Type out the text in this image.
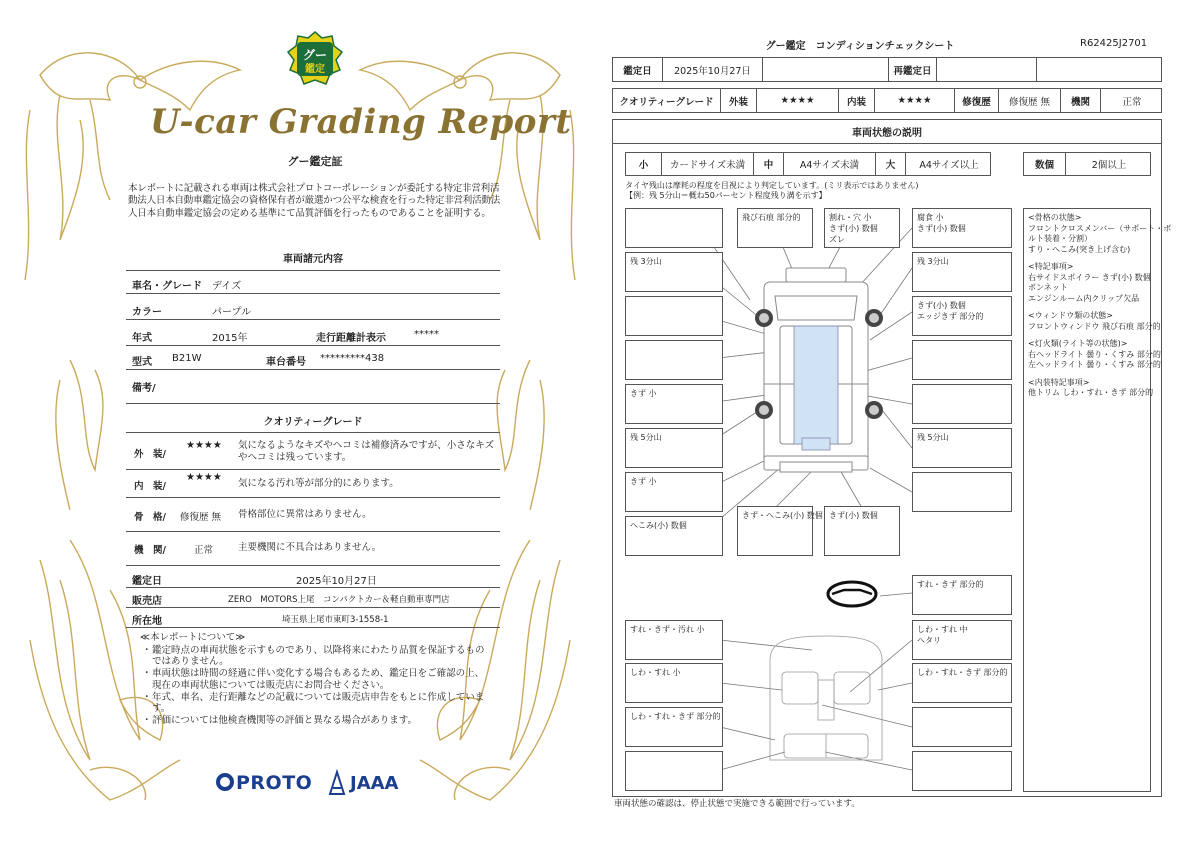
グー
鑑定
U-car Grading Report
グー鑑定証
本レポートに記載される車両は株式会社プロトコーポレーションが委託する特定非営利活動法人日本自動車鑑定協会の資格保有者が厳選かつ公平な検査を行った特定非営利活動法人日本自動車鑑定協会の定める基準にて品質評価を行ったものであることを証明する。
車両諸元内容
車名・グレード デイズ
カラー	パープル
年式	2015年	走行距離計表示	*****
型式 B21W	車台番号 *********438
備考/
クオリティーグレード
外　装/
★★★★ 気になるようなキズやヘコミは補修済みですが、小さなキズやヘコミは残っています。
内　装/
★★★★
気になる汚れ等が部分的にあります。
骨　格/ 修復歴 無 骨格部位に異常はありません。
機　関/	正常	主要機関に不具合はありません。
鑑定日	2025年10月27日
販売店	ZERO　MOTORS上尾　コンパクトカー＆軽自動車専門店
所在地	埼玉県上尾市東町3-1558-1
≪本レポートについて≫
・ 鑑定時点の車両状態を示すものであり、以降将来にわたり品質を保証するものではありません。
・ 車両状態は時間の経過に伴い変化する場合もあるため、鑑定日をご確認の上、現在の車両状態については販売店にお問合せください。
・ 年式、車名、走行距離などの記載については販売店申告をもとに作成しています。
・ 評価については他検査機関等の評価と異なる場合があります。
PROTO JAAA
グー鑑定　コンディションチェックシート	R62425J2701
鑑定日	2025年10月27日	再鑑定日
クオリティーグレード	外装	★★★★	内装	★★★★	修復歴	修復歴 無	機関	正常
車両状態の説明
小	カードサイズ未満	中	A4サイズ未満	大	A4サイズ以上	数個	2個以上
タイヤ残山は摩耗の程度を目視により判定しています。(ミリ表示ではありません)
【例：残 5分山＝概ね50パーセント程度残り溝を示す】
<骨格の状態>
フロントクロスメンバー（サポート・ボ
ルト装着・分割）
すり・へこみ(突き上げ含む)
<特記事項>
右サイドスポイラー きず(小) 数個
ボンネット
エンジンルーム内クリップ欠品
<ウィンドウ類の状態>
フロントウィンドウ 飛び石痕 部分的
<灯火類(ライト等の状態)>
右ヘッドライト 曇り・くすみ 部分的
左ヘッドライト 曇り・くすみ 部分的
<内装特記事項>
他トリム しわ・すれ・きず 部分的
残 3分山
きず 小
残 5分山
きず 小
へこみ(小) 数個
飛び石痕 部分的	割れ・穴 小
きず(小) 数個
ズレ
腐食 小
きず(小) 数個
残 3分山
きず(小) 数個
エッジきず 部分的
残 5分山
きず・へこみ(小) 数個 きず(小) 数個
すれ・きず 部分的
すれ・きず・汚れ 小
しわ・すれ 小
しわ・すれ・きず 部分的
しわ・すれ 中
ヘタリ
しわ・すれ・きず 部分的
車両状態の確認は、停止状態で実施できる範囲で行っています。
